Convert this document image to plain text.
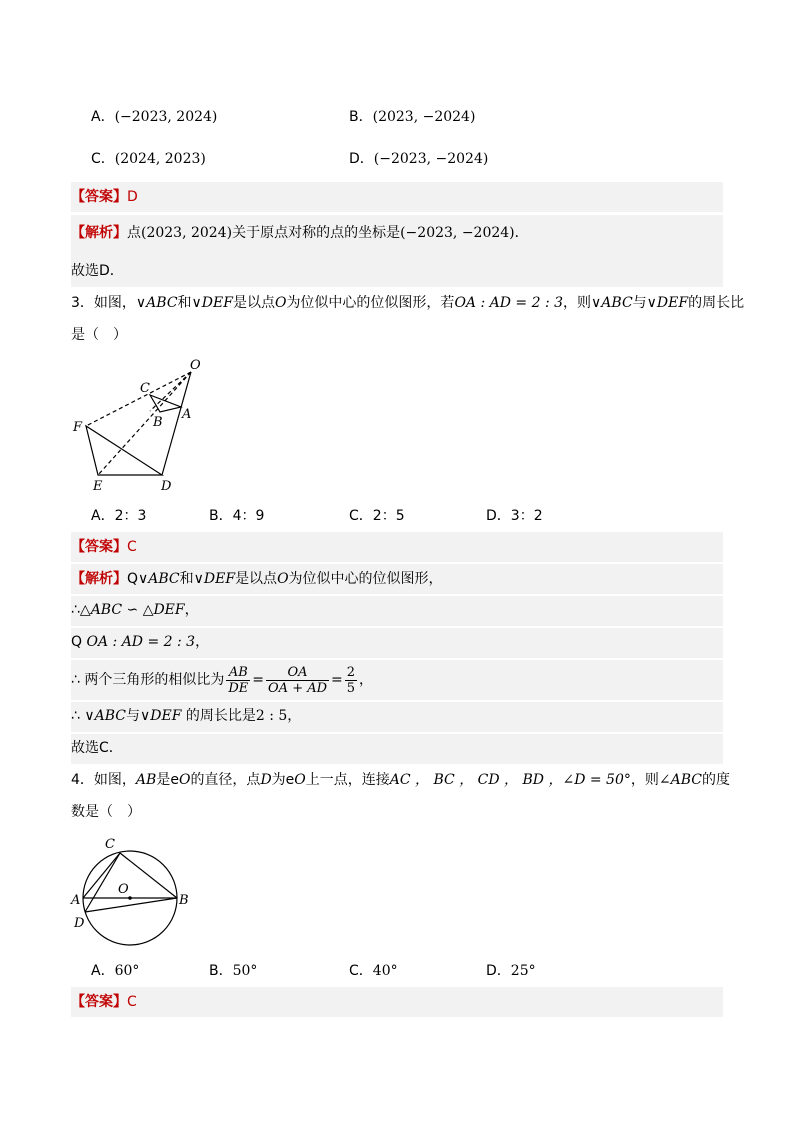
A．(−2023, 2024)	B．(2023, −2024)
C．(2024, 2023)	D．(−2023, −2024)
【答案】D
【解析】点(2023, 2024)关于原点对称的点的坐标是(−2023, −2024)．
故选D．
3．如图，∨ABC和∨DEF是以点O为位似中心的位似图形，若OA : AD = 2 : 3，则∨ABC与∨DEF的周长比
是（　）
O
C
B
A
F
E	D
A．2：3	B．4：9	C．2：5	D．3：2
【答案】C
【解析】Q∨ABC和∨DEF是以点O为位似中心的位似图形，
∴△ABC ∽ △DEF，
Q OA : AD = 2 : 3，
∴ 两个三角形的相似比为 $\frac{AB}{DE} = \frac{OA}{OA + AD} = \frac{2}{5}$ ，
∴ ∨ABC与∨DEF 的周长比是2 : 5，
故选C．
4．如图，AB是eO的直径，点D为eO上一点，连接AC ， BC ， CD ， BD ，∠D = 50°，则∠ABC的度
数是（　）
C
O
A	B
D
A．60°	B．50°	C．40°	D．25°
【答案】C
